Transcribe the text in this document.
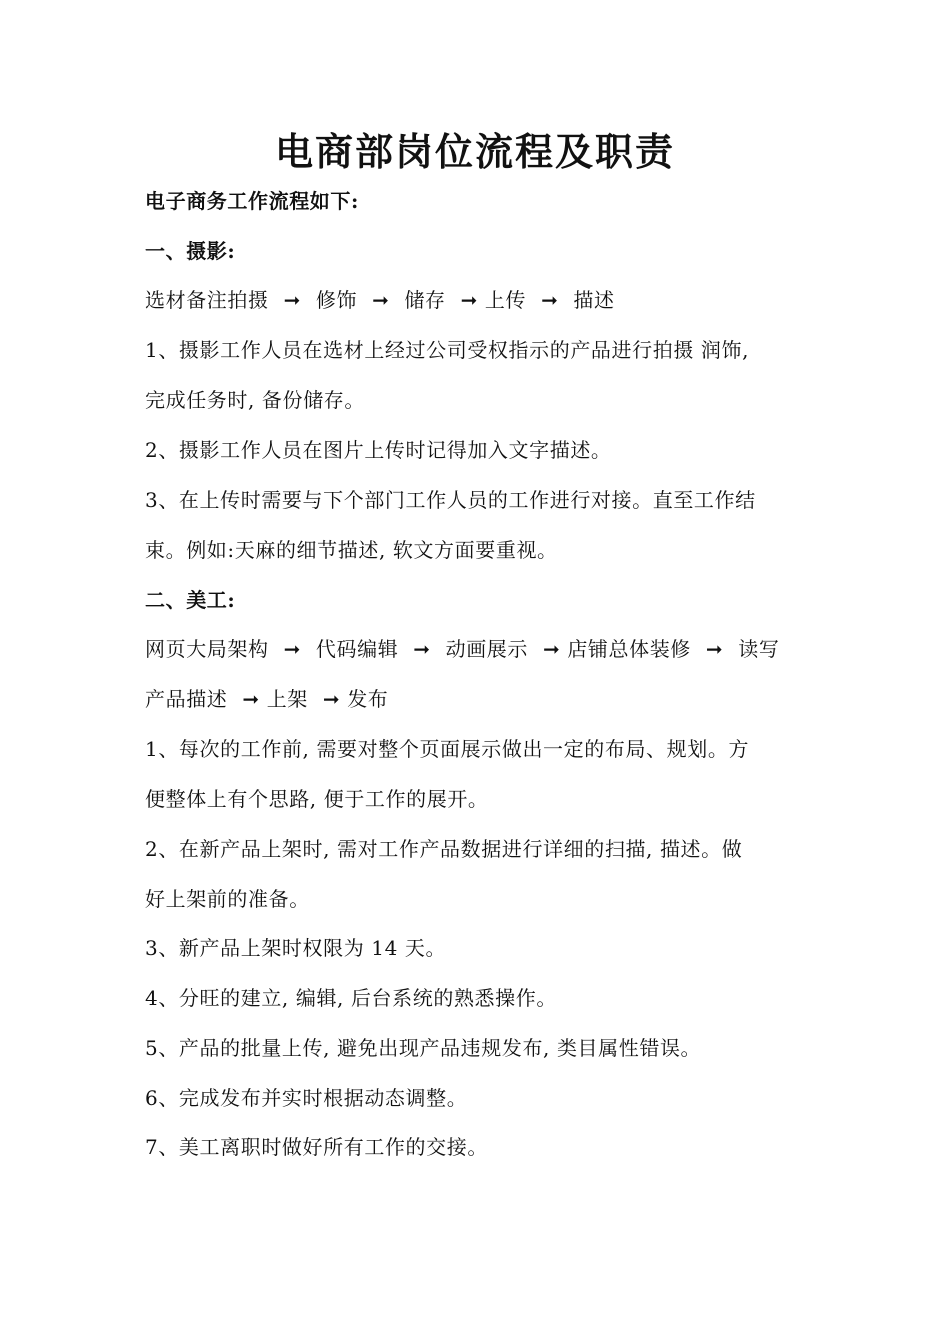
电商部岗位流程及职责
电子商务工作流程如下:
一、摄影:
选材备注拍摄 ➞ 修饰 ➞ 储存 ➞ 上传 ➞ 描述
1、摄影工作人员在选材上经过公司受权指示的产品进行拍摄 润饰,
完成任务时, 备份储存。
2、摄影工作人员在图片上传时记得加入文字描述。
3、在上传时需要与下个部门工作人员的工作进行对接。直至工作结
束。例如:天麻的细节描述, 软文方面要重视。
二、美工:
网页大局架构 ➞ 代码编辑 ➞ 动画展示 ➞ 店铺总体装修 ➞ 读写
产品描述 ➞ 上架 ➞ 发布
1、每次的工作前, 需要对整个页面展示做出一定的布局、规划。方
便整体上有个思路, 便于工作的展开。
2、在新产品上架时, 需对工作产品数据进行详细的扫描, 描述。做
好上架前的准备。
3、新产品上架时权限为 14 天。
4、分旺的建立, 编辑, 后台系统的熟悉操作。
5、产品的批量上传, 避免出现产品违规发布, 类目属性错误。
6、完成发布并实时根据动态调整。
7、美工离职时做好所有工作的交接。
